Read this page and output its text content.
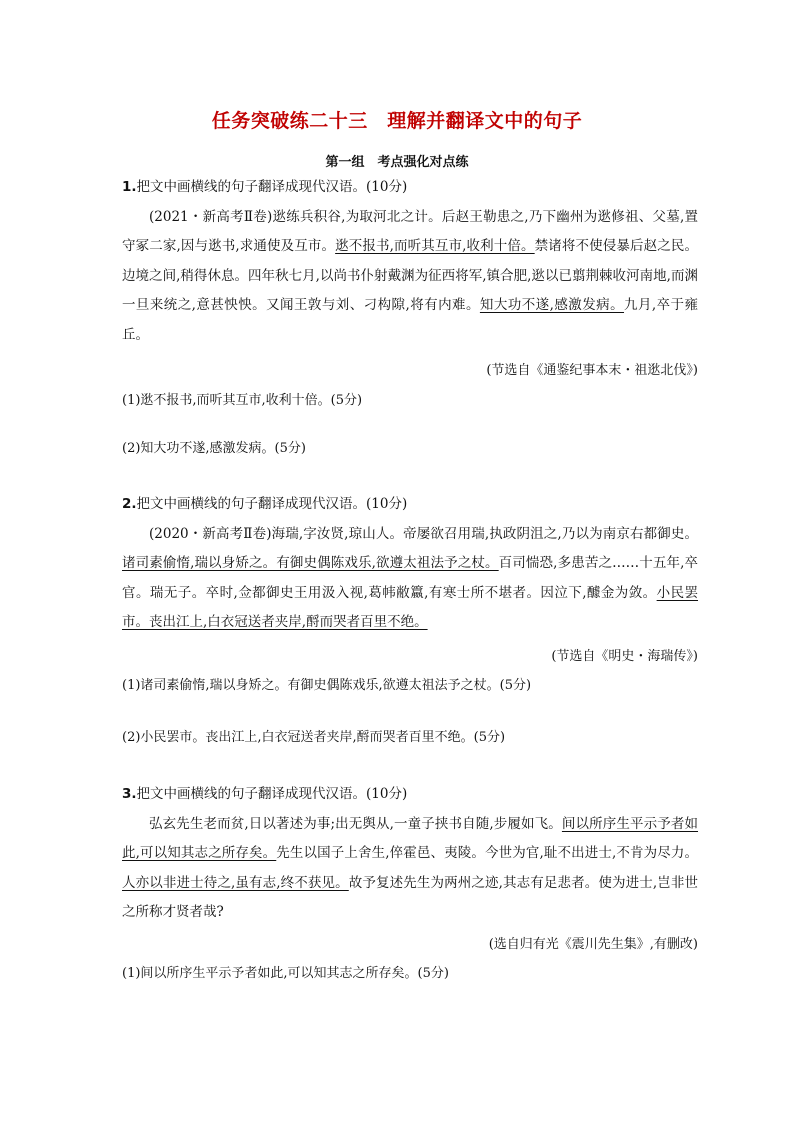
任务突破练二十三　理解并翻译文中的句子
第一组　考点强化对点练
1.把文中画横线的句子翻译成现代汉语。(10分)

(2021・新高考Ⅱ卷)逖练兵积谷,为取河北之计。后赵王勒患之,乃下幽州为逖修祖、父墓,置守冢二家,因与逖书,求通使及互市。逖不报书,而听其互市,收利十倍。禁诸将不使侵暴后赵之民。边境之间,稍得休息。四年秋七月,以尚书仆射戴渊为征西将军,镇合肥,逖以已翦荆棘收河南地,而渊一旦来统之,意甚怏怏。又闻王敦与刘、刁构隙,将有内难。知大功不遂,感激发病。九月,卒于雍丘。

(节选自《通鉴纪事本末・祖逖北伐》)
(1)逖不报书,而听其互市,收利十倍。(5分)
(2)知大功不遂,感激发病。(5分)
2.把文中画横线的句子翻译成现代汉语。(10分)

(2020・新高考Ⅱ卷)海瑞,字汝贤,琼山人。帝屡欲召用瑞,执政阴沮之,乃以为南京右都御史。诸司素偷惰,瑞以身矫之。有御史偶陈戏乐,欲遵太祖法予之杖。百司惴恐,多患苦之……十五年,卒官。瑞无子。卒时,佥都御史王用汲入视,葛帏敝籝,有寒士所不堪者。因泣下,醵金为敛。小民罢市。丧出江上,白衣冠送者夹岸,酹而哭者百里不绝。

(节选自《明史・海瑞传》)
(1)诸司素偷惰,瑞以身矫之。有御史偶陈戏乐,欲遵太祖法予之杖。(5分)
(2)小民罢市。丧出江上,白衣冠送者夹岸,酹而哭者百里不绝。(5分)
3.把文中画横线的句子翻译成现代汉语。(10分)

弘玄先生老而贫,日以著述为事;出无舆从,一童子挟书自随,步履如飞。间以所序生平示予者如此,可以知其志之所存矣。先生以国子上舍生,倅霍邑、夷陵。今世为官,耻不出进士,不肯为尽力。人亦以非进士待之,虽有志,终不获见。故予复述先生为两州之迹,其志有足悲者。使为进士,岂非世之所称才贤者哉?

(选自归有光《震川先生集》,有删改)
(1)间以所序生平示予者如此,可以知其志之所存矣。(5分)
